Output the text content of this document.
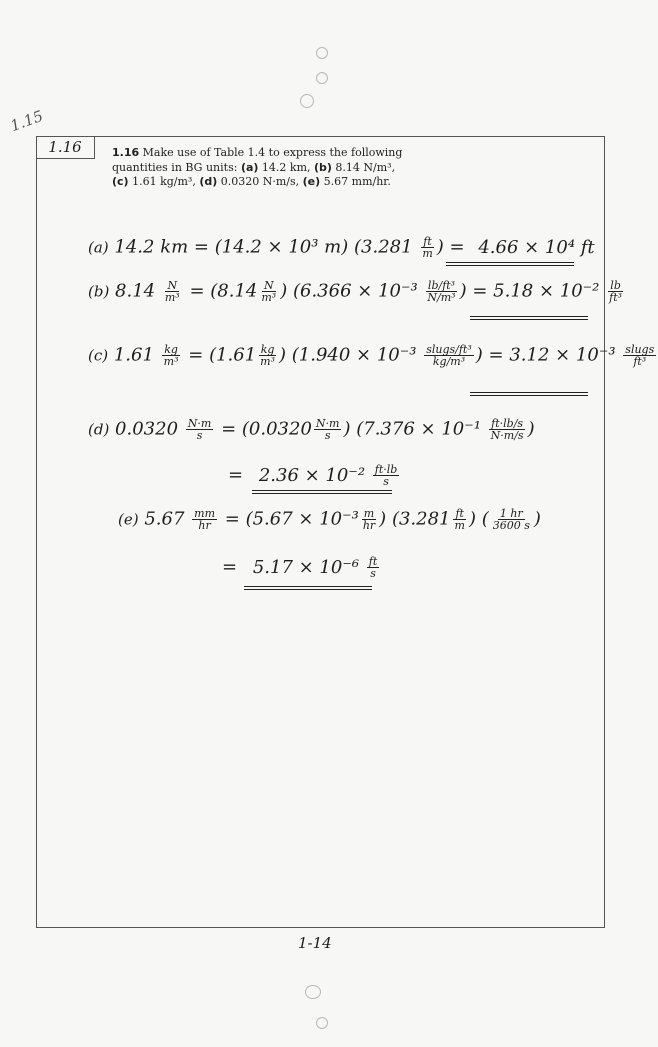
1.15
1.16	1.16 Make use of Table 1.4 to express the following quantities in BG units: (a) 14.2 km, (b) 8.14 N/m³, (c) 1.61 kg/m³, (d) 0.0320 N·m/s, (e) 5.67 mm/hr.
(a) 14.2 km = (14.2 × 10³ m) ($3.281 \frac{ft}{m}$ ) = 4.66 × 10⁴ ft
(b) $8.14 \frac{N}{\text{m³}} = (8.14 \frac{N}{\text{m³}}$ ) ($6.366 \times 10^{-3} \frac{\text{lb/ft³}}{\text{N/m³}}$ ) = $5.18 \times 10^{-2} \frac{lb}{\text{ft³}}$
(c) $1.61 \frac{kg}{\text{m³}} = (1.61 \frac{kg}{\text{m³}}$ ) ($1.940 \times 10^{-3} \frac{\text{slugs/ft³}}{\text{kg/m³}}$ ) = $3.12 \times 10^{-3} \frac{\text{slugs}}{\text{ft³}}$
(d) $0.0320 \frac{N\cdot m}{s} = (0.0320 \frac{N\cdot m}{s}$ ) ($7.376 \times 10^{-1} \frac{ft\cdot lb/s}{N\cdot m/s}$ )
= $2.36 \times 10^{-2} \frac{ft\cdot lb}{s}$
(e) $5.67 \frac{mm}{hr} = (5.67 \times 10^{-3} \frac{m}{hr}$ ) ($3.281 \frac{ft}{m}$ ) ( $\frac{1 hr}{3600 s}$ )
= $5.17 \times 10^{-6} \frac{ft}{s}$
1-14
